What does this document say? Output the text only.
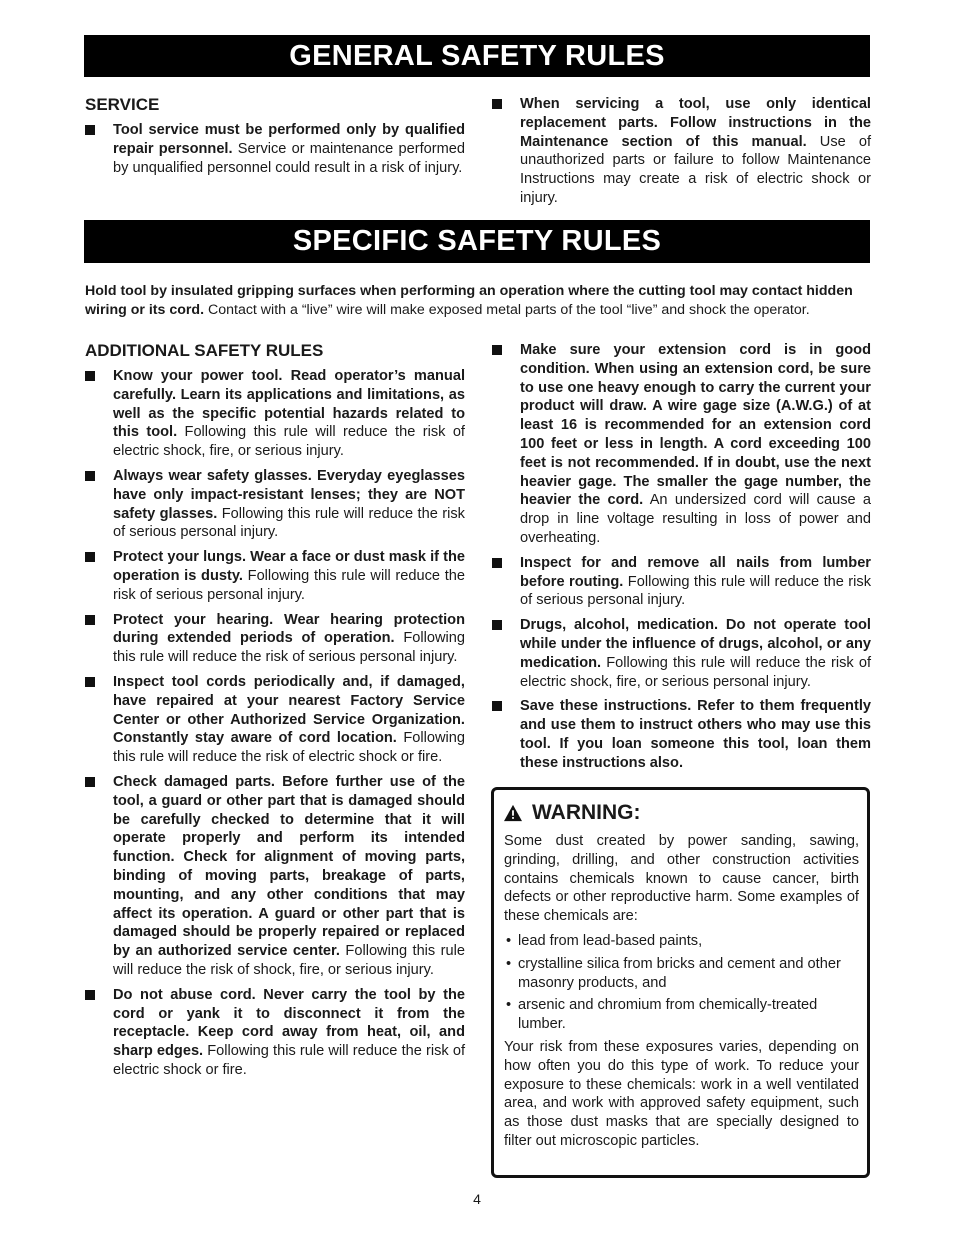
GENERAL SAFETY RULES
SERVICE
Tool service must be performed only by qualified repair personnel. Service or maintenance performed by unqualified personnel could result in a risk of injury.
When servicing a tool, use only identical replacement parts. Follow instructions in the Maintenance section of this manual. Use of unauthorized parts or failure to follow Maintenance Instructions may create a risk of electric shock or injury.
SPECIFIC SAFETY RULES
Hold tool by insulated gripping surfaces when performing an operation where the cutting tool may contact hidden wiring or its cord. Contact with a “live” wire will make exposed metal parts of the tool “live” and shock the operator.
ADDITIONAL SAFETY RULES
Know your power tool. Read operator’s manual carefully. Learn its applications and limitations, as well as the specific potential hazards related to this tool. Following this rule will reduce the risk of electric shock, fire, or serious injury.
Always wear safety glasses. Everyday eyeglasses have only impact-resistant lenses; they are NOT safety glasses. Following this rule will reduce the risk of serious personal injury.
Protect your lungs. Wear a face or dust mask if the operation is dusty. Following this rule will reduce the risk of serious personal injury.
Protect your hearing. Wear hearing protection during extended periods of operation. Following this rule will reduce the risk of serious personal injury.
Inspect tool cords periodically and, if damaged, have repaired at your nearest Factory Service Center or other Authorized Service Organization. Constantly stay aware of cord location. Following this rule will reduce the risk of electric shock or fire.
Check damaged parts. Before further use of the tool, a guard or other part that is damaged should be carefully checked to determine that it will operate properly and perform its intended function. Check for alignment of moving parts, binding of moving parts, breakage of parts, mounting, and any other conditions that may affect its operation. A guard or other part that is damaged should be properly repaired or replaced by an authorized service center. Following this rule will reduce the risk of shock, fire, or serious injury.
Do not abuse cord. Never carry the tool by the cord or yank it to disconnect it from the receptacle. Keep cord away from heat, oil, and sharp edges. Following this rule will reduce the risk of electric shock or fire.
Make sure your extension cord is in good condition. When using an extension cord, be sure to use one heavy enough to carry the current your product will draw. A wire gage size (A.W.G.) of at least 16 is recommended for an extension cord 100 feet or less in length. A cord exceeding 100 feet is not recommended. If in doubt, use the next heavier gage. The smaller the gage number, the heavier the cord. An undersized cord will cause a drop in line voltage resulting in loss of power and overheating.
Inspect for and remove all nails from lumber before routing. Following this rule will reduce the risk of serious personal injury.
Drugs, alcohol, medication. Do not operate tool while under the influence of drugs, alcohol, or any medication. Following this rule will reduce the risk of electric shock, fire, or serious personal injury.
Save these instructions. Refer to them frequently and use them to instruct others who may use this tool. If you loan someone this tool, loan them these instructions also.
WARNING:

Some dust created by power sanding, sawing, grinding, drilling, and other construction activities contains chemicals known to cause cancer, birth defects or other reproductive harm. Some examples of these chemicals are:

• lead from lead-based paints,
• crystalline silica from bricks and cement and other masonry products, and
• arsenic and chromium from chemically-treated lumber.

Your risk from these exposures varies, depending on how often you do this type of work. To reduce your exposure to these chemicals: work in a well ventilated area, and work with approved safety equipment, such as those dust masks that are specially designed to filter out microscopic particles.

4
